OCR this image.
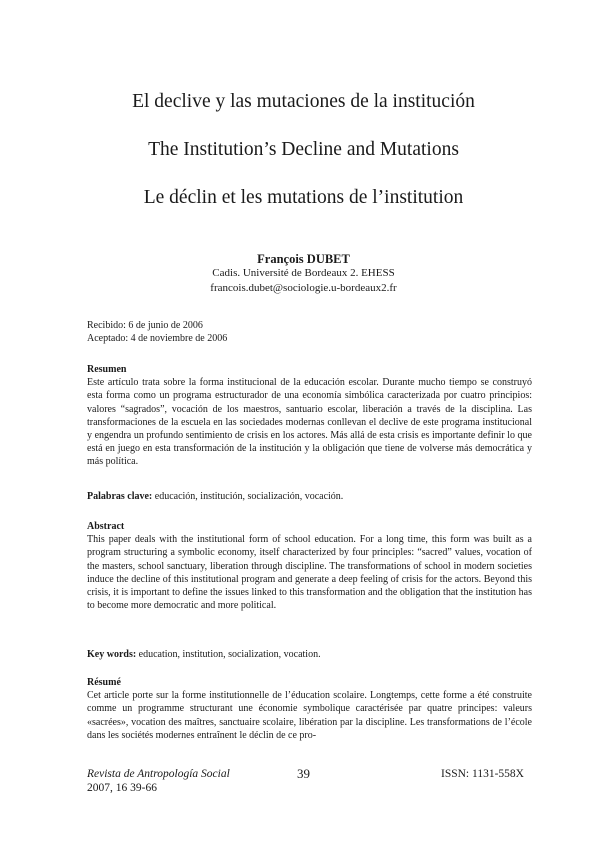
El declive y las mutaciones de la institución
The Institution’s Decline and Mutations
Le déclin et les mutations de l’institution
François DUBET
Cadis. Université de Bordeaux 2. EHESS
francois.dubet@sociologie.u-bordeaux2.fr
Recibido: 6 de junio de 2006
Aceptado: 4 de noviembre de 2006
Resumen
Este artículo trata sobre la forma institucional de la educación escolar. Durante mucho tiempo se construyó esta forma como un programa estructurador de una economía simbólica caracterizada por cuatro principios: valores “sagrados”, vocación de los maestros, santuario escolar, liberación a través de la disciplina. Las transformaciones de la escuela en las sociedades modernas conllevan el declive de este programa institucional y engendra un profundo sentimiento de crisis en los actores. Más allá de esta crisis es importante definir lo que está en juego en esta transformación de la institución y la obligación que tiene de volverse más democrática y más política.
Palabras clave: educación, institución, socialización, vocación.
Abstract
This paper deals with the institutional form of school education. For a long time, this form was built as a program structuring a symbolic economy, itself characterized by four principles: “sacred” values, vocation of the masters, school sanctuary, liberation through discipline. The transformations of school in modern societies induce the decline of this institutional program and generate a deep feeling of crisis for the actors. Beyond this crisis, it is important to define the issues linked to this transformation and the obligation that the institution has to become more democratic and more political.
Key words: education, institution, socialization, vocation.
Résumé
Cet article porte sur la forme institutionnelle de l’éducation scolaire. Longtemps, cette forme a été construite comme un programme structurant une économie symbolique caractérisée par quatre principes: valeurs «sacrées», vocation des maîtres, sanctuaire scolaire, libération par la discipline. Les transformations de l’école dans les sociétés modernes entraînent le déclin de ce pro-
Revista de Antropología Social
2007, 16 39-66
39	ISSN: 1131-558X
